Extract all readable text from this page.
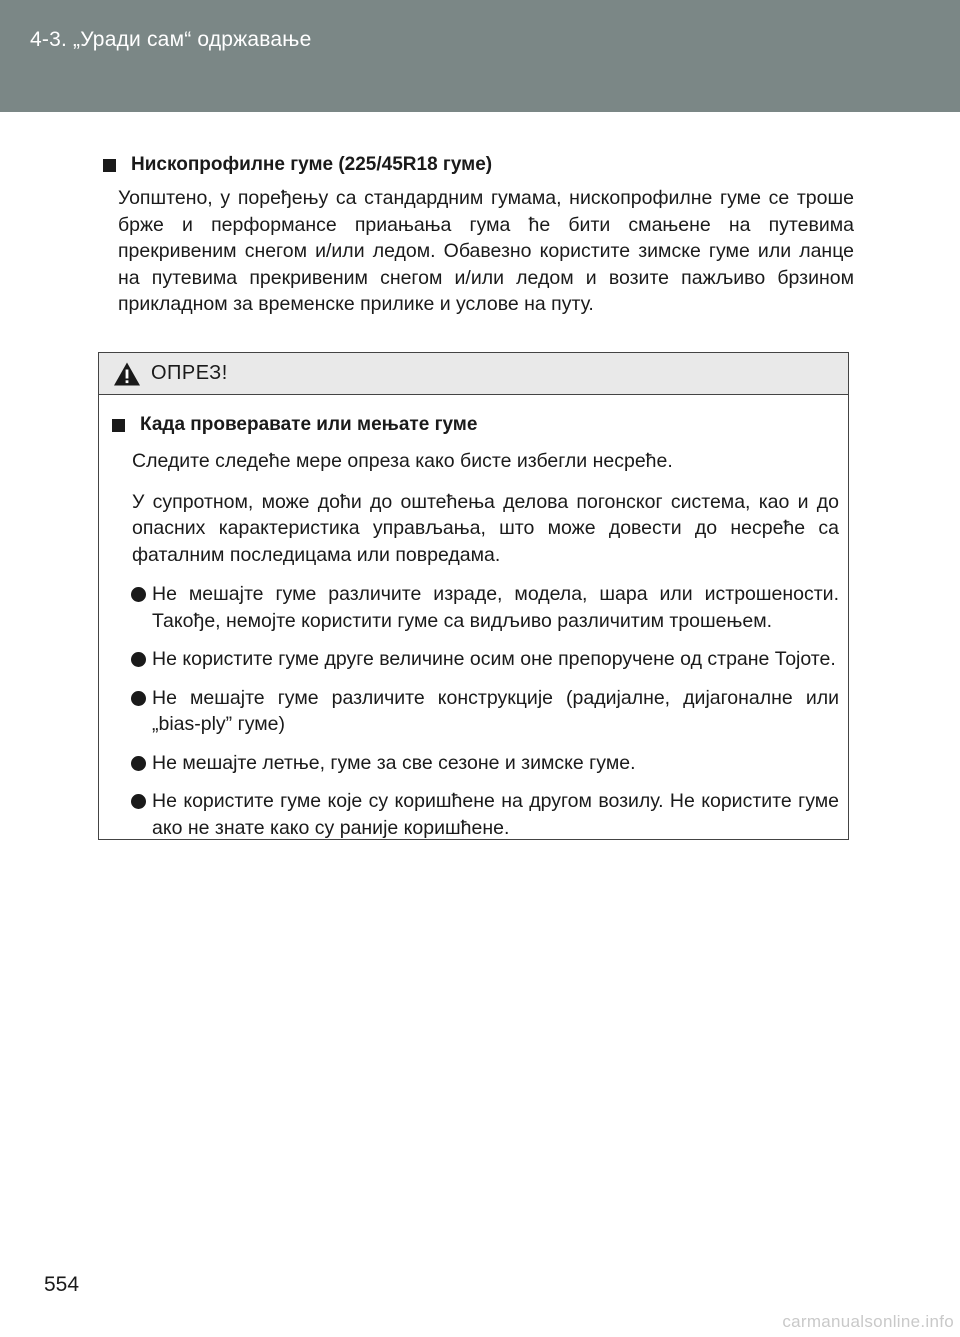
4-3. „Уради сам“ одржавање
Нископрофилне гуме (225/45R18 гуме)
Уопштено, у поређењу са стандардним гумама, нископрофилне гуме се троше брже и перформансе приањања гума ће бити смањене на путевима прекривеним снегом и/или ледом. Обавезно користите зимске гуме или ланце на путевима прекривеним снегом и/или ледом и возите пажљиво брзином прикладном за временске прилике и услове на путу.
ОПРЕЗ!
Када проверавате или мењате гуме
Следите следеће мере опреза како бисте избегли несреће.
У супротном, може доћи до оштећења делова погонског система, као и до опасних карактеристика управљања, што може довести до несреће са фаталним последицама или повредама.
Не мешајте гуме различите израде, модела, шара или истрошености. Такође, немојте користити гуме са видљиво различитим трошењем.
Не користите гуме друге величине осим оне препоручене од стране Тојоте.
Не мешајте гуме различите конструкције (радијалне, дијагоналне или „bias-ply” гуме)
Не мешајте летње, гуме за све сезоне и зимске гуме.
Не користите гуме које су коришћене на другом возилу. Не користите гуме ако не знате како су раније коришћене.
554
carmanualsonline.info
